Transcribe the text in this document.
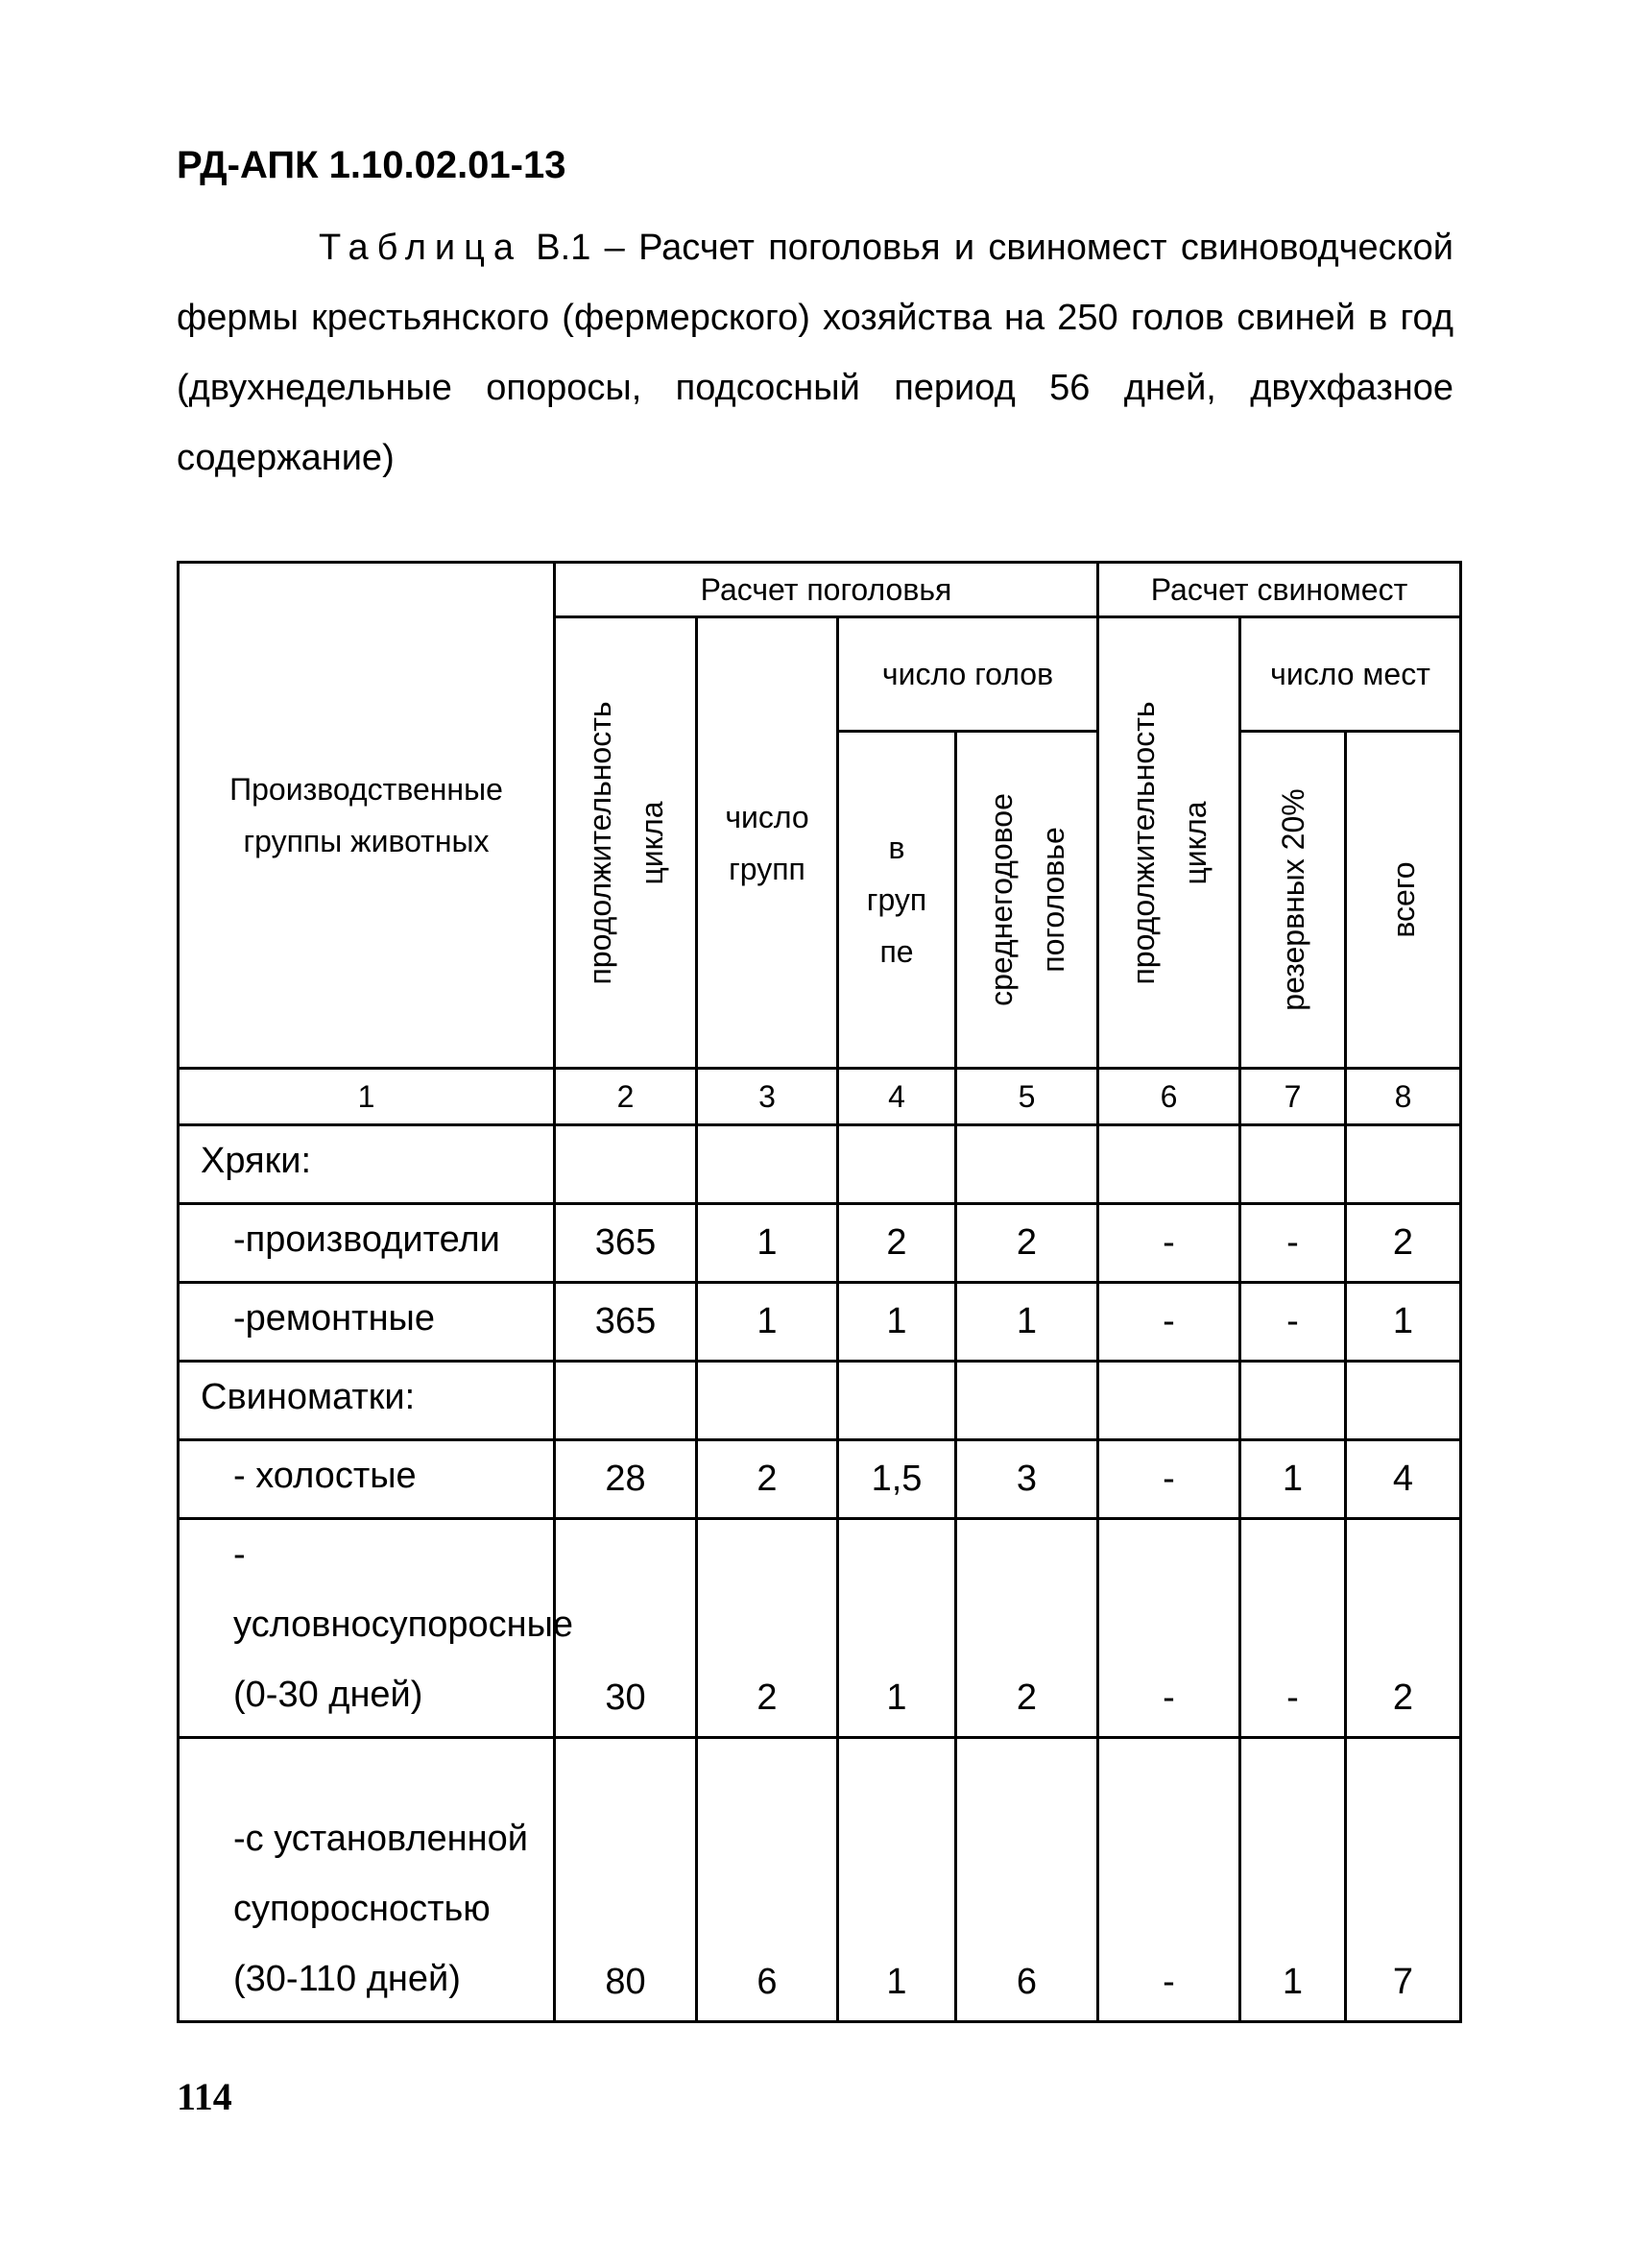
РД-АПК 1.10.02.01-13

Таблица В.1 – Расчет поголовья и свиномест свиноводческой фермы крестьянского (фермерского) хозяйства на 250 голов свиней в год (двухнедельные опоросы, подсосный период 56 дней, двухфазное содержание)

Производственные группы животных	Расчет поголовья				Расчет свиномест		

	продолжительность цикла	число групп	число голов		продолжительность цикла	число мест	
			в груп пе	среднегодовое поголовье		резервных 20%	всего

1	2	3	4	5	6	7	8
Хряки:							
-производители	365	1	2	2	-	-	2
-ремонтные	365	1	1	1	-	-	1
Свиноматки:							
- холостые	28	2	1,5	3	-	1	4
- условносупоросные (0-30 дней)	30	2	1	2	-	-	2
-с установленной супоросностью (30-110 дней)	80	6	1	6	-	1	7
114
